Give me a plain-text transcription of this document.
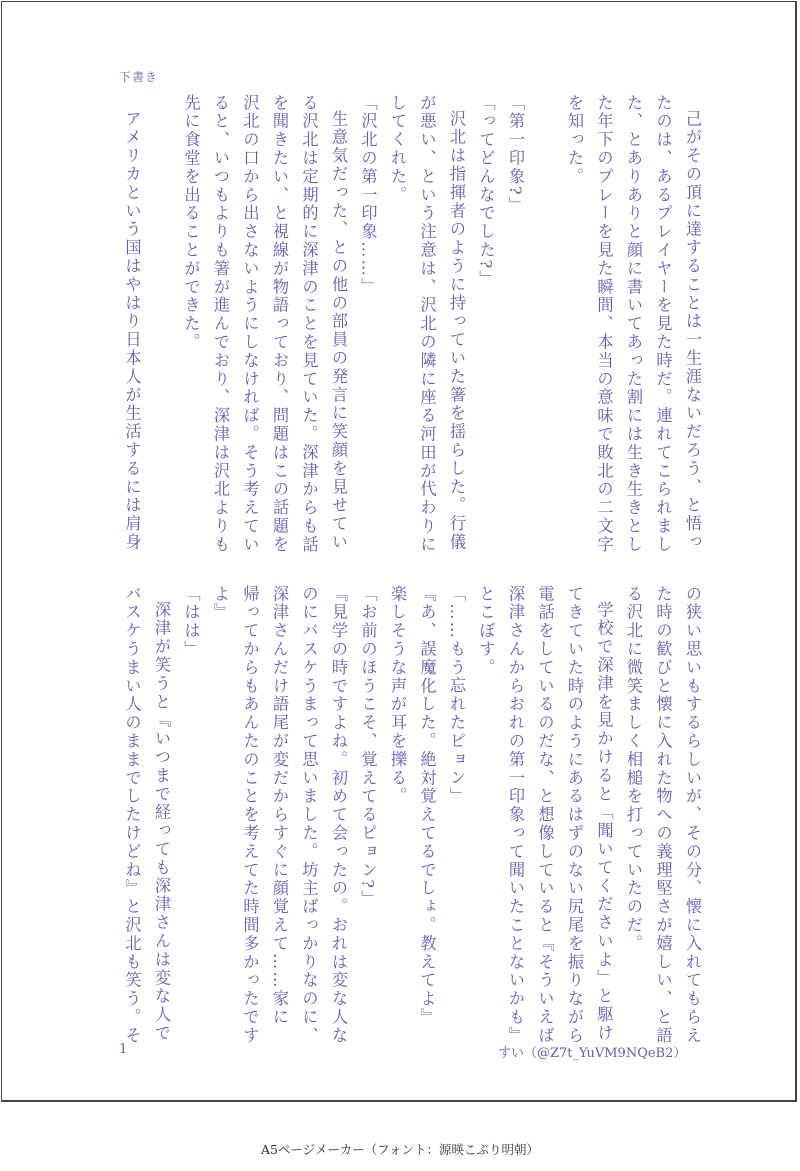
下書き

己がその頂に達することは一生涯ないだろう、と悟っ

たのは、あるプレイヤーを見た時だ。連れてこられまし

た、とありありと顔に書いてあった割には生き生きとし

た年下のプレーを見た瞬間、本当の意味で敗北の二文字

を知った。

「第一印象?」

「ってどんなでした?」

沢北は指揮者のように持っていた箸を揺らした。行儀

が悪い、という注意は、沢北の隣に座る河田が代わりに

してくれた。

「沢北の第一印象……」

生意気だった、との他の部員の発言に笑顔を見せてい

る沢北は定期的に深津のことを見ていた。深津からも話

を聞きたい、と視線が物語っており、問題はこの話題を

沢北の口から出さないようにしなければ。そう考えてい

ると、いつもよりも箸が進んでおり、深津は沢北よりも

先に食堂を出ることができた。

アメリカという国はやはり日本人が生活するには肩身

の狭い思いもするらしいが、その分、懐に入れてもらえ

た時の歓びと懐に入れた物への義理堅さが嬉しい、と語

る沢北に微笑ましく相槌を打っていたのだ。

学校で深津を見かけると「聞いてくださいよ」と駆け

てきていた時のようにあるはずのない尻尾を振りながら

電話をしているのだな、と想像していると『そういえば

深津さんからおれの第一印象って聞いたことないかも』

とこぼす。

「……もう忘れたピョン」

『あ、誤魔化した。絶対覚えてるでしょ。教えてよ』

楽しそうな声が耳を擽る。

「お前のほうこそ、覚えてるピョン?」

『見学の時ですよね。初めて会ったの。おれは変な人な

のにバスケうまって思いました。坊主ばっかりなのに、

深津さんだけ語尾が変だからすぐに顔覚えて……家に

帰ってからもあんたのことを考えてた時間多かったです

よ』

「はは」

深津が笑うと『いつまで経っても深津さんは変な人で

バスケうまい人のままでしたけどね』と沢北も笑う。そ

1	すい（@Z7t_YuVM9NQeB2）
A5ページメーカー（フォント：源暎こぶり明朝）
